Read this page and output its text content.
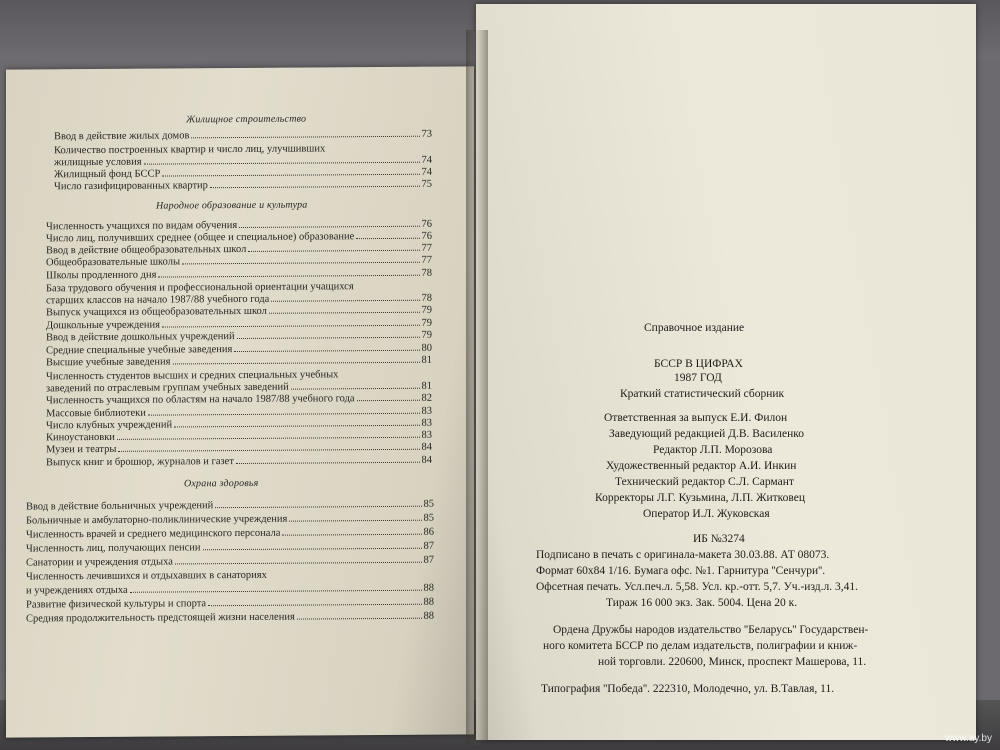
Жилищное строительство
Ввод в действие жилых домов	73
Количество построенных квартир и число лиц, улучшивших
жилищные условия	74
Жилищный фонд БССР	74
Число газифицированных квартир	75
Народное образование и культура
Численность учащихся по видам обучения	76
Число лиц, получивших среднее (общее и специальное) образование	76
Ввод в действие общеобразовательных школ	77
Общеобразовательные школы	77
Школы продленного дня	78
База трудового обучения и профессиональной ориентации учащихся
старших классов на начало 1987/88 учебного года	78
Выпуск учащихся из общеобразовательных школ	79
Дошкольные учреждения	79
Ввод в действие дошкольных учреждений	79
Средние специальные учебные заведения	80
Высшие учебные заведения	81
Численность студентов высших и средних специальных учебных
заведений по отраслевым группам учебных заведений	81
Численность учащихся по областям на начало 1987/88 учебного года	82
Массовые библиотеки	83
Число клубных учреждений	83
Киноустановки	83
Музеи и театры	84
Выпуск книг и брошюр, журналов и газет	84
Охрана здоровья
Ввод в действие больничных учреждений	85
Больничные и амбулаторно-поликлинические учреждения	85
Численность врачей и среднего медицинского персонала	86
Численность лиц, получающих пенсии	87
Санатории и учреждения отдыха	87
Численность лечившихся и отдыхавших в санаториях
и учреждениях отдыха	88
Развитие физической культуры и спорта	88
Средняя продолжительность предстоящей жизни населения	88
Справочное издание
БССР В ЦИФРАХ
1987 ГОД
Краткий статистический сборник
Ответственная за выпуск Е.И. Филон
Заведующий редакцией Д.В. Василенко
Редактор Л.П. Морозова
Художественный редактор А.И. Инкин
Технический редактор С.Л. Сармант
Корректоры Л.Г. Кузьмина, Л.П. Житковец
Оператор И.Л. Жуковская
ИБ №3274
Подписано в печать с оригинала-макета 30.03.88. АТ 08073.
Формат 60х84 1/16. Бумага офс. №1. Гарнитура ''Сенчури''.
Офсетная печать. Усл.печ.л. 5,58. Усл. кр.-отт. 5,7. Уч.-изд.л. 3,41.
Тираж 16 000 экз. Зак. 5004. Цена 20 к.
Ордена Дружбы народов издательство ''Беларусь'' Государствен-
ного комитета БССР по делам издательств, полиграфии и книж-
ной торговли. 220600, Минск, проспект Машерова, 11.
Типография ''Победа''. 222310, Молодечно, ул. В.Тавлая, 11.
www.ay.by
